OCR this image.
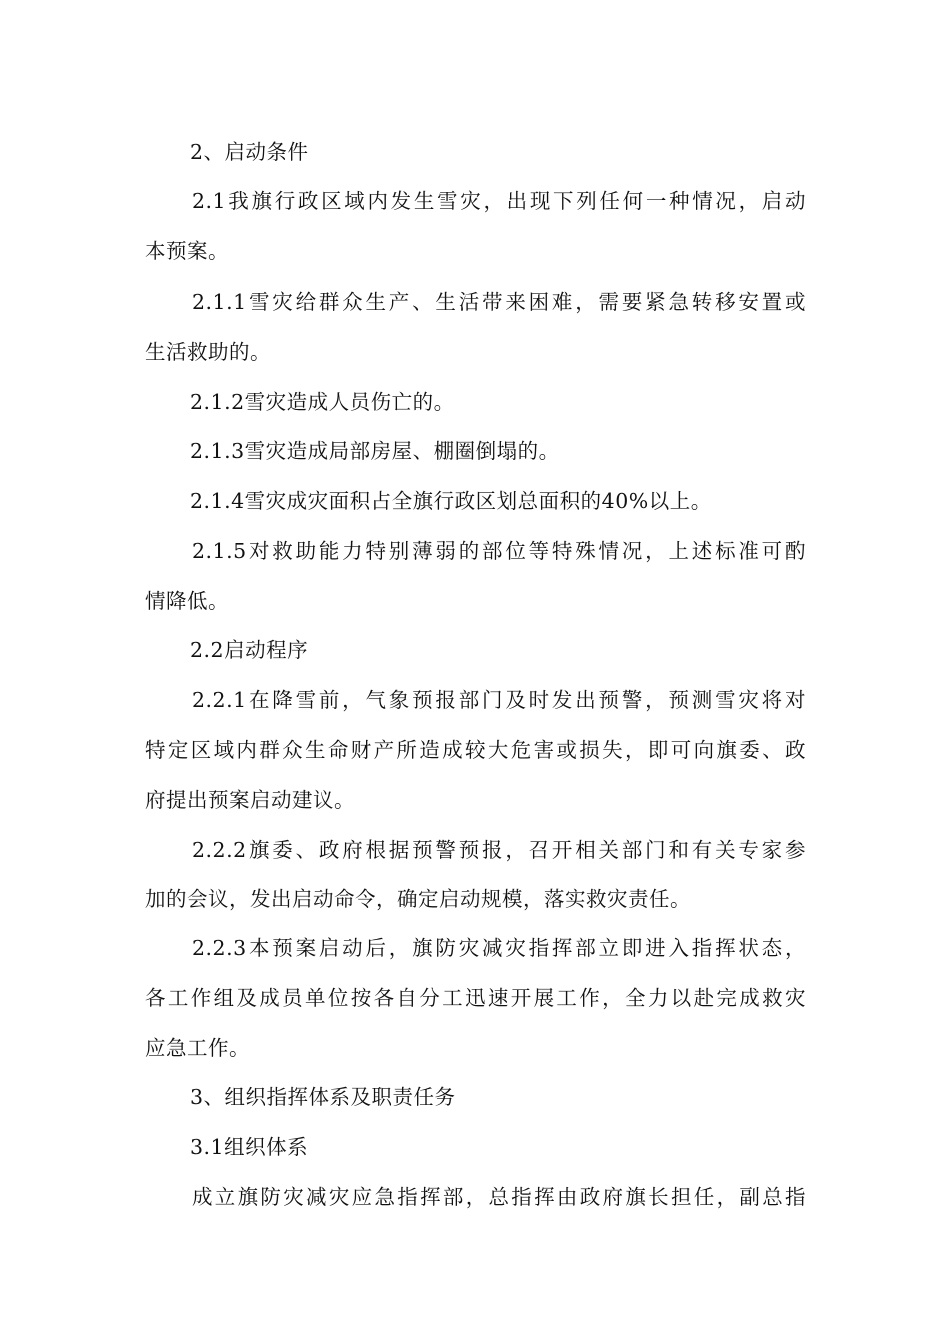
2、启动条件
2.1我旗行政区域内发生雪灾，出现下列任何一种情况，启动
本预案。
2.1.1雪灾给群众生产、生活带来困难，需要紧急转移安置或
生活救助的。
2.1.2雪灾造成人员伤亡的。
2.1.3雪灾造成局部房屋、棚圈倒塌的。
2.1.4雪灾成灾面积占全旗行政区划总面积的40%以上。
2.1.5对救助能力特别薄弱的部位等特殊情况，上述标准可酌
情降低。
2.2启动程序
2.2.1在降雪前，气象预报部门及时发出预警，预测雪灾将对
特定区域内群众生命财产所造成较大危害或损失，即可向旗委、政
府提出预案启动建议。
2.2.2旗委、政府根据预警预报，召开相关部门和有关专家参
加的会议，发出启动命令，确定启动规模，落实救灾责任。
2.2.3本预案启动后，旗防灾减灾指挥部立即进入指挥状态，
各工作组及成员单位按各自分工迅速开展工作，全力以赴完成救灾
应急工作。
3、组织指挥体系及职责任务
3.1组织体系
成立旗防灾减灾应急指挥部，总指挥由政府旗长担任，副总指
